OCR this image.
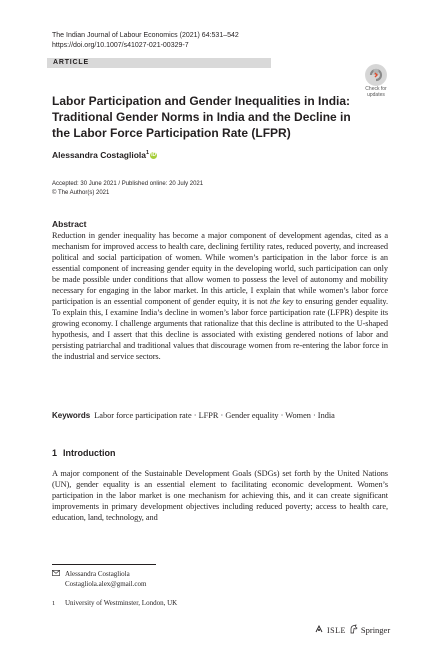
The Indian Journal of Labour Economics (2021) 64:531–542
https://doi.org/10.1007/s41027-021-00329-7
ARTICLE
Check for
updates
Labor Participation and Gender Inequalities in India: Traditional Gender Norms in India and the Decline in the Labor Force Participation Rate (LFPR)
Alessandra Costagliola$^1$ iD
Accepted: 30 June 2021 / Published online: 20 July 2021
© The Author(s) 2021
Abstract
Reduction in gender inequality has become a major component of development agendas, cited as a mechanism for improved access to health care, declining fertility rates, reduced poverty, and increased political and social participation of women. While women’s participation in the labor force is an essential component of increasing gender equity in the developing world, such participation can only be made possible under conditions that allow women to possess the level of autonomy and mobility necessary for engaging in the labor market. In this article, I explain that while women’s labor force participation is an essential component of gender equity, it is not the key to ensuring gender equality. To explain this, I examine India’s decline in women’s labor force participation rate (LFPR) despite its growing economy. I challenge arguments that rationalize that this decline is attributed to the U-shaped hypothesis, and I assert that this decline is associated with existing gendered notions of labor and persisting patriarchal and traditional values that discourage women from re-entering the labor force in the industrial and service sectors.
Keywords Labor force participation rate · LFPR · Gender equality · Women · India
1 Introduction
A major component of the Sustainable Development Goals (SDGs) set forth by the United Nations (UN), gender equality is an essential element to facilitating economic development. Women’s participation in the labor market is one mechanism for achieving this, and it can create significant improvements in primary development objectives including reduced poverty; access to health care, education, land, technology, and
Alessandra Costagliola
Costagliola.alex@gmail.com
1 University of Westminster, London, UK
ISLE Springer
